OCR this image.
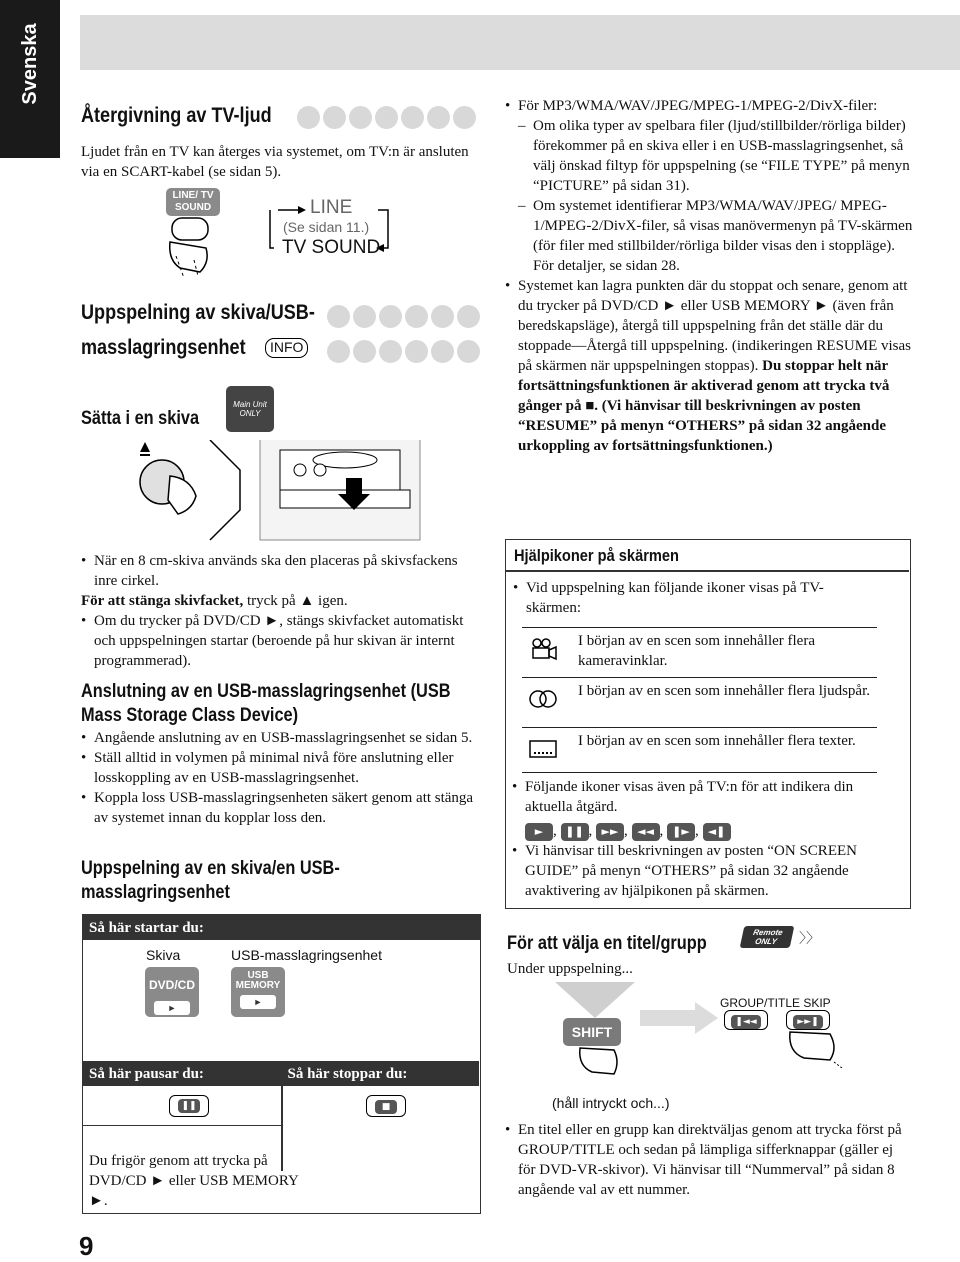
Svenska
Återgivning av TV-ljud
Ljudet från en TV kan återges via systemet, om TV:n är ansluten via en SCART-kabel (se sidan 5).
LINE/ TV SOUND	LINE
(Se sidan 11.)
TV SOUND
Uppspelning av skiva/USB-
masslagringsenhet	INFO
Sätta i en skiva
Main Unit ONLY
• För MP3/WMA/WAV/JPEG/MPEG-1/MPEG-2/DivX-filer:
– Om olika typer av spelbara filer (ljud/stillbilder/rörliga bilder) förekommer på en skiva eller i en USB-masslagringsenhet, så välj önskad filtyp för uppspelning (se “FILE TYPE” på menyn “PICTURE” på sidan 31).
– Om systemet identifierar MP3/WMA/WAV/JPEG/ MPEG-1/MPEG-2/DivX-filer, så visas manövermenyn på TV-skärmen (för filer med stillbilder/rörliga bilder visas den i stoppläge). För detaljer, se sidan 28.
• Systemet kan lagra punkten där du stoppat och senare, genom att du trycker på DVD/CD ► eller USB MEMORY ► (även från beredskapsläge), återgå till uppspelning från det ställe där du stoppade—Återgå till uppspelning. (indikeringen RESUME visas på skärmen när uppspelningen stoppas). Du stoppar helt när fortsättningsfunktionen är aktiverad genom att trycka två gånger på ■. (Vi hänvisar till beskrivningen av posten “RESUME” på menyn “OTHERS” på sidan 32 angående urkoppling av fortsättningsfunktionen.)
• När en 8 cm-skiva används ska den placeras på skivsfackens inre cirkel.
För att stänga skivfacket, tryck på ▲ igen.
• Om du trycker på DVD/CD ►, stängs skivfacket automatiskt och uppspelningen startar (beroende på hur skivan är internt programmerad).
Anslutning av en USB-masslagringsenhet (USB
Mass Storage Class Device)
• Angående anslutning av en USB-masslagringsenhet se sidan 5.
• Ställ alltid in volymen på minimal nivå före anslutning eller losskoppling av en USB-masslagringsenhet.
• Koppla loss USB-masslagringsenheten säkert genom att stänga av systemet innan du kopplar loss den.
Uppspelning av en skiva/en USB-
masslagringsenhet
Så här startar du:
Skiva	USB-masslagringsenhet
DVD/CD
►
USB MEMORY
►
Så här pausar du:	Så här stoppar du:
❚❚	■
Du frigör genom att trycka på DVD/CD ► eller USB MEMORY ►.
Hjälpikoner på skärmen
• Vid uppspelning kan följande ikoner visas på TV-skärmen:
I början av en scen som innehåller flera kameravinklar.
I början av en scen som innehåller flera ljudspår.
I början av en scen som innehåller flera texter.
• Följande ikoner visas även på TV:n för att indikera din aktuella åtgärd.
► , ❚❚ , ►► , ◄◄ , ❚► , ◄❚
• Vi hänvisar till beskrivningen av posten “ON SCREEN GUIDE” på menyn “OTHERS” på sidan 32 angående avaktivering av hjälpikonen på skärmen.
För att välja en titel/grupp
Remote ONLY	〉〉
Under uppspelning...
SHIFT
GROUP/TITLE SKIP
❚◄◄	►►❚
(håll intryckt och...)
• En titel eller en grupp kan direktväljas genom att trycka först på GROUP/TITLE och sedan på lämpliga sifferknappar (gäller ej för DVD-VR-skivor). Vi hänvisar till “Nummerval” på sidan 8 angående val av ett nummer.
9
